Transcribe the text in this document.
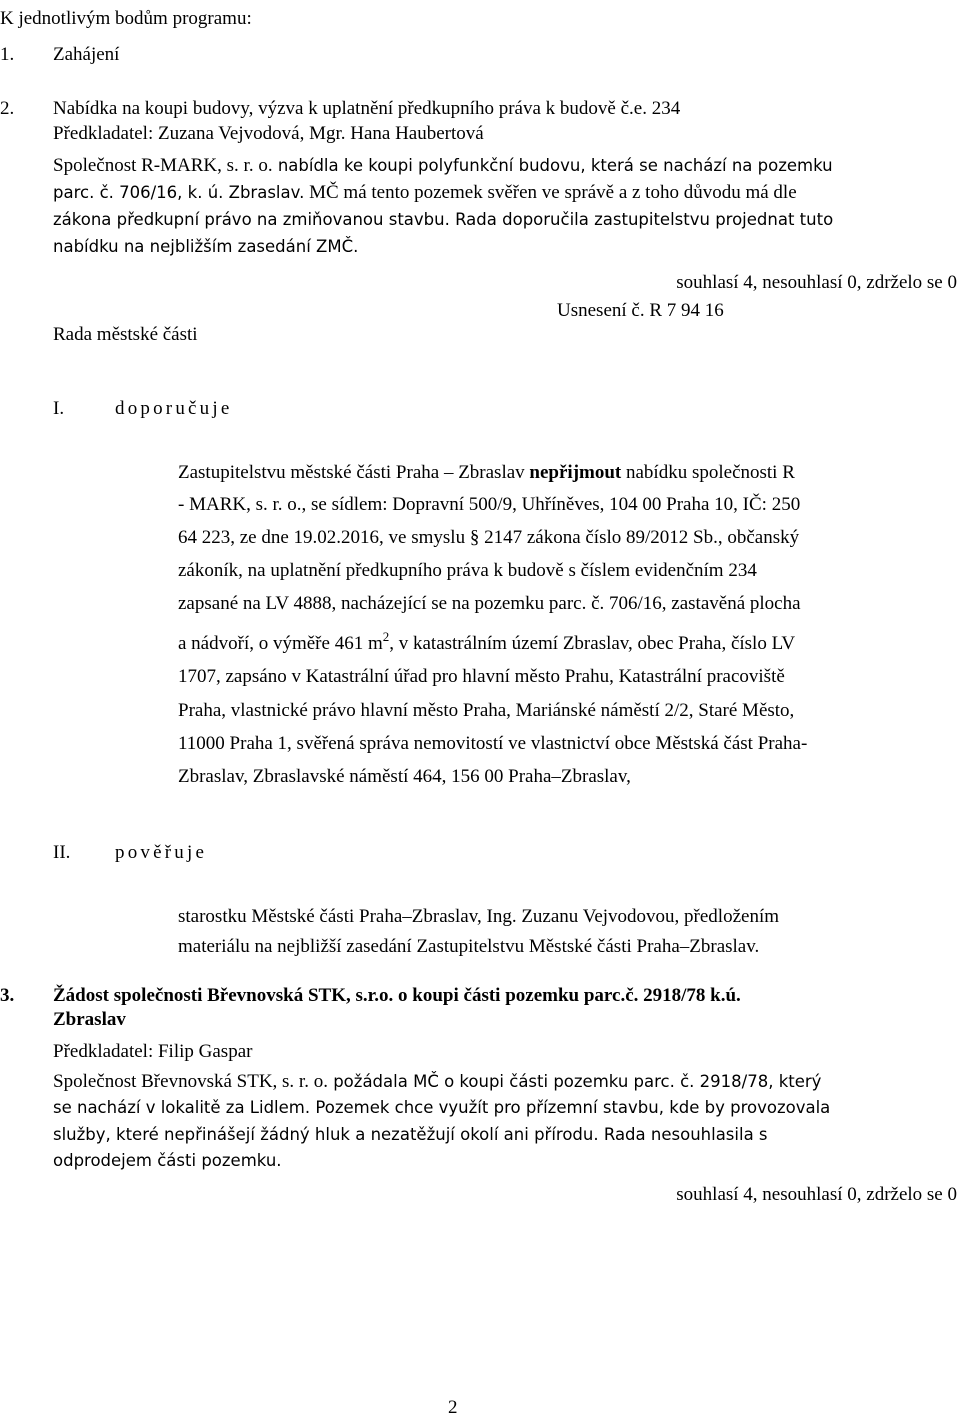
K jednotlivým bodům programu:
1. Zahájení
2. Nabídka na koupi budovy, výzva k uplatnění předkupního práva k budově č.e. 234
Předkladatel: Zuzana Vejvodová, Mgr. Hana Haubertová
Společnost R-MARK, s. r. o. nabídla ke koupi polyfunkční budovu, která se nachází na pozemku
parc. č. 706/16, k. ú. Zbraslav. MČ má tento pozemek svěřen ve správě a z toho důvodu má dle
zákona předkupní právo na zmiňovanou stavbu. Rada doporučila zastupitelstvu projednat tuto
nabídku na nejbližším zasedání ZMČ.
souhlasí 4, nesouhlasí 0, zdrželo se 0
Usnesení č. R 7 94 16
Rada městské části
I.	doporučuje
Zastupitelstvu městské části Praha – Zbraslav nepřijmout nabídku společnosti R
- MARK, s. r. o., se sídlem: Dopravní 500/9, Uhříněves, 104 00 Praha 10, IČ: 250
64 223, ze dne 19.02.2016, ve smyslu § 2147 zákona číslo 89/2012 Sb., občanský
zákoník, na uplatnění předkupního práva k budově s číslem evidenčním 234
zapsané na LV 4888, nacházející se na pozemku parc. č. 706/16, zastavěná plocha
a nádvoří, o výměře 461 $m^2$, v katastrálním území Zbraslav, obec Praha, číslo LV
1707, zapsáno v Katastrální úřad pro hlavní město Prahu, Katastrální pracoviště
Praha, vlastnické právo hlavní město Praha, Mariánské náměstí 2/2, Staré Město,
11000 Praha 1, svěřená správa nemovitostí ve vlastnictví obce Městská část Praha-
Zbraslav, Zbraslavské náměstí 464, 156 00 Praha–Zbraslav,
II. pověřuje
starostku Městské části Praha–Zbraslav, Ing. Zuzanu Vejvodovou, předložením
materiálu na nejbližší zasedání Zastupitelstvu Městské části Praha–Zbraslav.
3. Žádost společnosti Břevnovská STK, s.r.o. o koupi části pozemku parc.č. 2918/78 k.ú.
Zbraslav
Předkladatel: Filip Gaspar
Společnost Břevnovská STK, s. r. o. požádala MČ o koupi části pozemku parc. č. 2918/78, který
se nachází v lokalitě za Lidlem. Pozemek chce využít pro přízemní stavbu, kde by provozovala
služby, které nepřinášejí žádný hluk a nezatěžují okolí ani přírodu. Rada nesouhlasila s
odprodejem části pozemku.
souhlasí 4, nesouhlasí 0, zdrželo se 0
2
